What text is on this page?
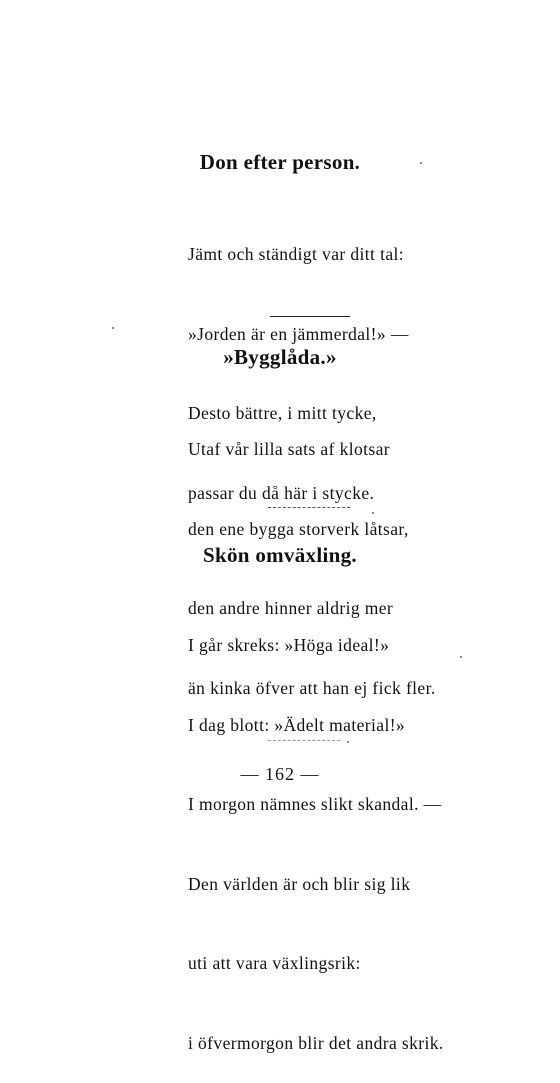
Don efter person.

Jämt och ständigt var ditt tal:

»Jorden är en jämmerdal!» —

Desto bättre, i mitt tycke,

passar du då här i stycke.

»Bygglåda.»

Utaf vår lilla sats af klotsar

den ene bygga storverk låtsar,

den andre hinner aldrig mer

än kinka öfver att han ej fick fler.

Skön omväxling.

I går skreks: »Höga ideal!»

I dag blott: »Ädelt material!»

I morgon nämnes slikt skandal. —

Den världen är och blir sig lik

uti att vara växlingsrik:

i öfvermorgon blir det andra skrik.

— 162 —
